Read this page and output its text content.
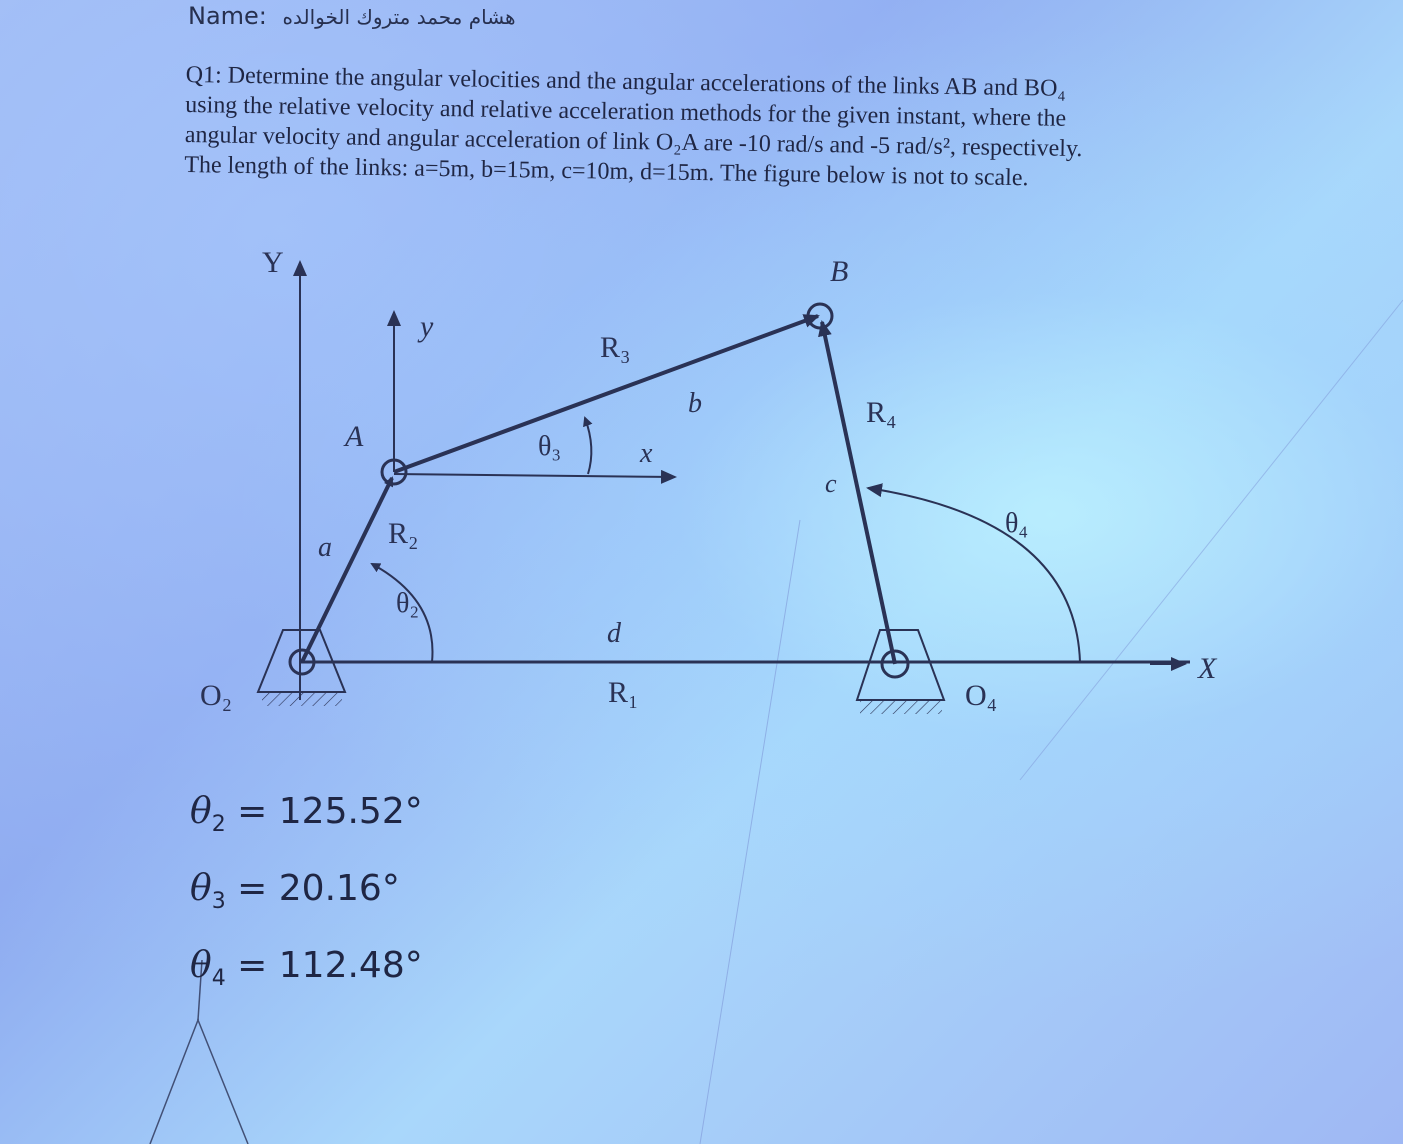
Name: هشام محمد متروك الخوالده

Q1: Determine the angular velocities and the angular accelerations of the links AB and BO₄

using the relative velocity and relative acceleration methods for the given instant, where the

angular velocity and angular acceleration of link O₂A are -10 rad/s and -5 rad/s², respectively.

The length of the links: a=5m, b=15m, c=10m, d=15m. The figure below is not to scale.

Y
X
O₂	O₄
a R₂
A
y
x
R₃
b
θ₃
B
R₄
c
θ₂
θ₄
d
R₁
$\theta_2 = 125.52^\circ$
$\theta_3 = 20.16^\circ$
$\theta_4 = 112.48^\circ$
